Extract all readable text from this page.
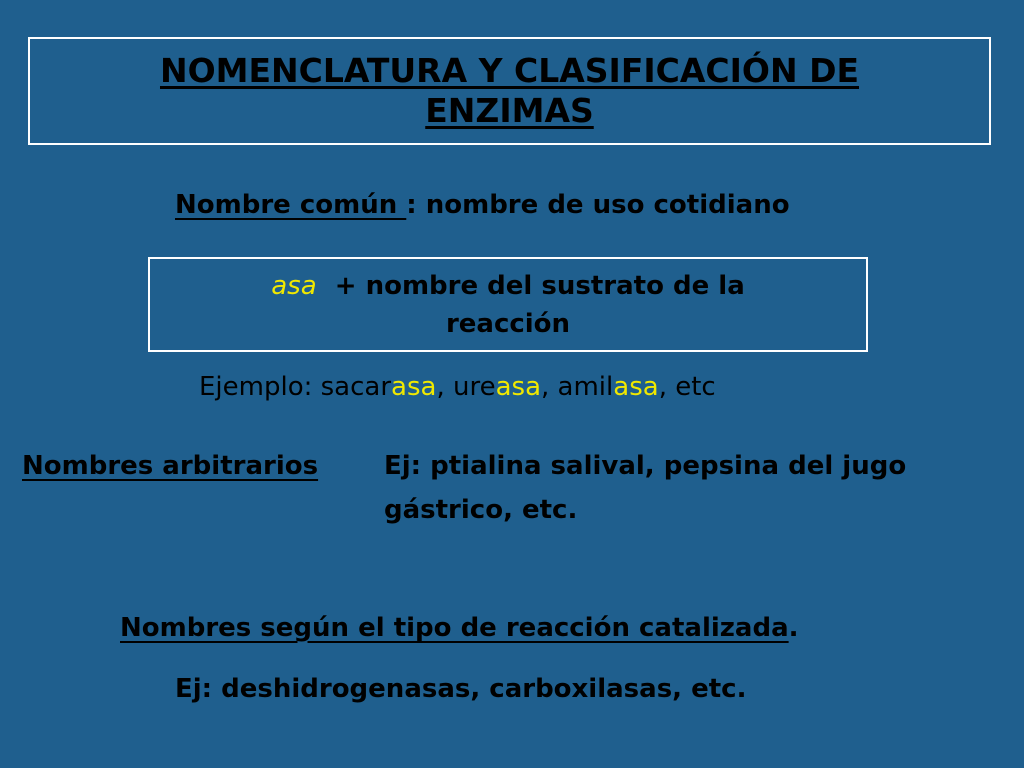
NOMENCLATURA Y CLASIFICACIÓN DE
ENZIMAS
Nombre común : nombre de uso cotidiano
asa  + nombre del sustrato de la
reacción
Ejemplo: sacarasa, ureasa, amilasa, etc
Nombres arbitrarios	Ej: ptialina salival, pepsina del jugo
gástrico, etc.
Nombres según el tipo de reacción catalizada.
Ej: deshidrogenasas, carboxilasas, etc.
